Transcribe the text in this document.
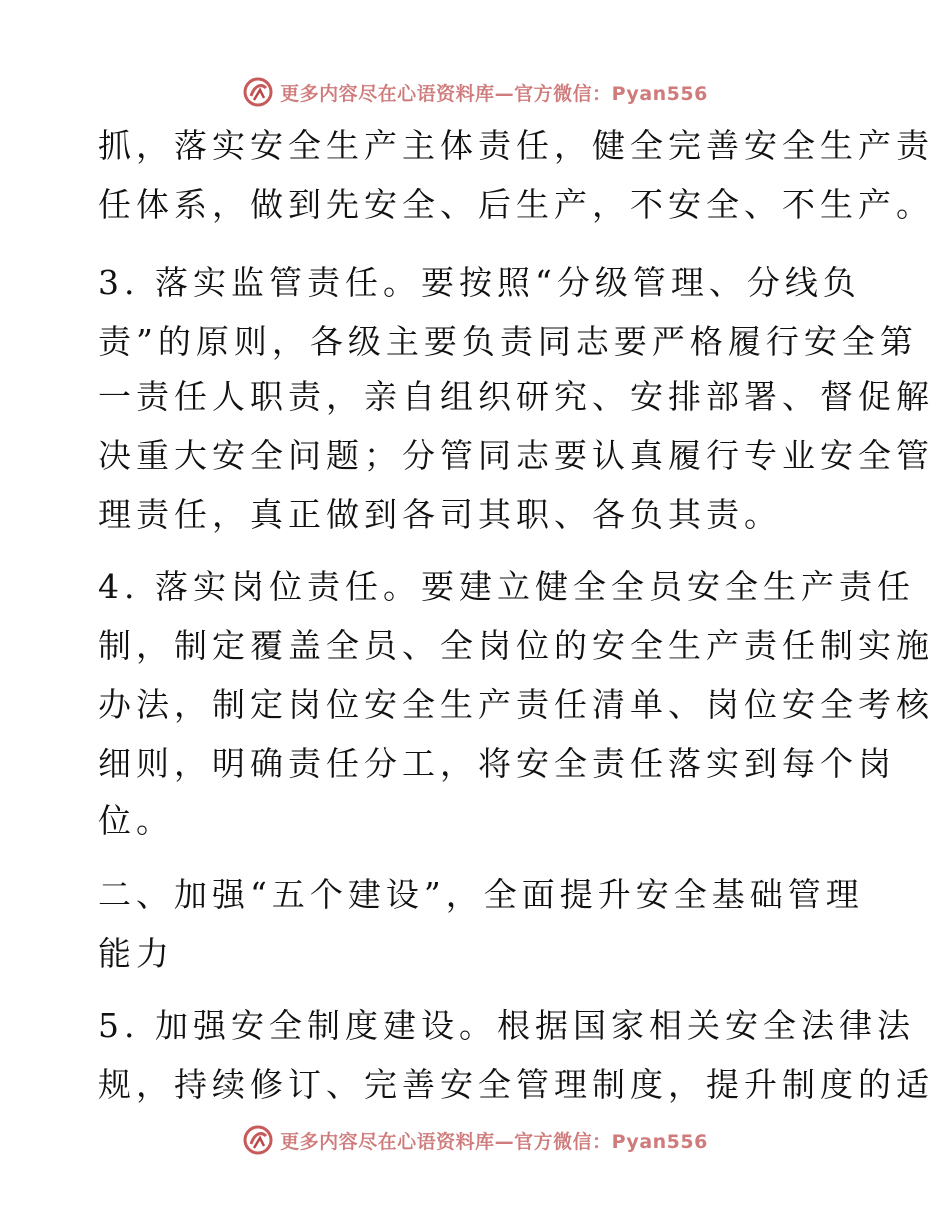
更多内容尽在心语资料库—官方微信：Pyan556
抓，落实安全生产主体责任，健全完善安全生产责
任体系，做到先安全、后生产，不安全、不生产。
3. 落实监管责任。要按照“分级管理、分线负
责”的原则，各级主要负责同志要严格履行安全第
一责任人职责，亲自组织研究、安排部署、督促解
决重大安全问题；分管同志要认真履行专业安全管
理责任，真正做到各司其职、各负其责。
4. 落实岗位责任。要建立健全全员安全生产责任
制，制定覆盖全员、全岗位的安全生产责任制实施
办法，制定岗位安全生产责任清单、岗位安全考核
细则，明确责任分工，将安全责任落实到每个岗
位。
二、加强“五个建设”，全面提升安全基础管理
能力
5. 加强安全制度建设。根据国家相关安全法律法
规，持续修订、完善安全管理制度，提升制度的适
更多内容尽在心语资料库—官方微信：Pyan556
